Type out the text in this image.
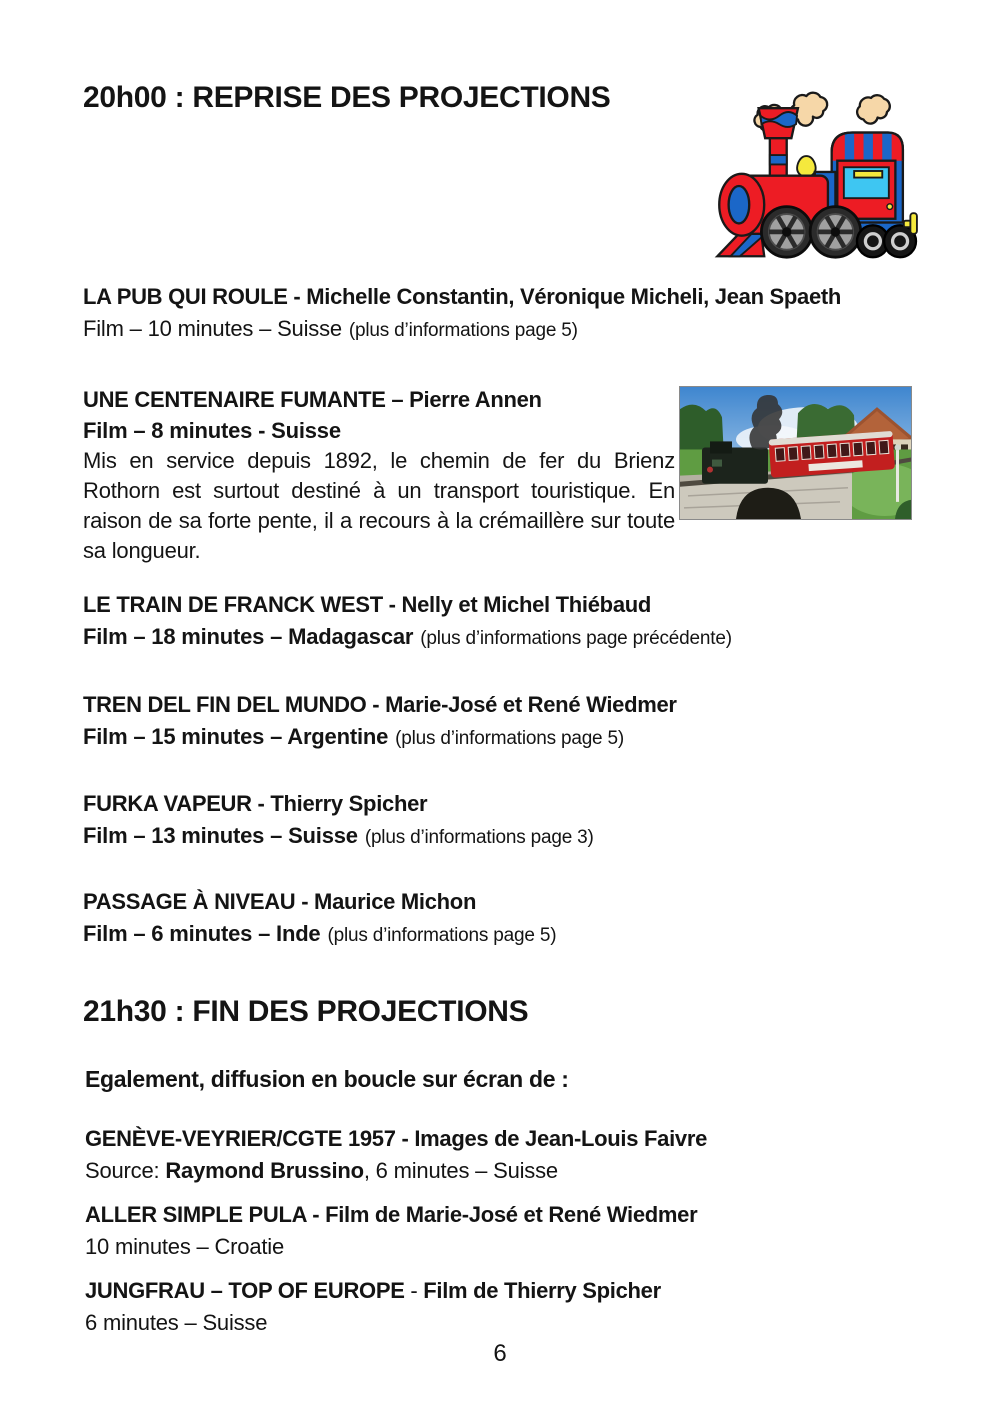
20h00 : REPRISE DES PROJECTIONS
LA PUB QUI ROULE - Michelle Constantin, Véronique Micheli, Jean Spaeth
Film – 10 minutes – Suisse (plus d’informations page 5)
UNE CENTENAIRE FUMANTE – Pierre Annen
Film – 8 minutes - Suisse
Mis en service depuis 1892, le chemin de fer du Brienz Rothorn est surtout destiné à un transport touristique. En raison de sa forte pente, il a recours à la crémaillère sur toute sa longueur.
LE TRAIN DE FRANCK WEST - Nelly et Michel Thiébaud
Film – 18 minutes – Madagascar (plus d’informations page précédente)
TREN DEL FIN DEL MUNDO - Marie-José et René Wiedmer
Film – 15 minutes – Argentine (plus d’informations page 5)
FURKA VAPEUR - Thierry Spicher
Film – 13 minutes – Suisse (plus d’informations page 3)
PASSAGE À NIVEAU - Maurice Michon
Film – 6 minutes – Inde (plus d’informations page 5)
21h30 : FIN DES PROJECTIONS
Egalement, diffusion en boucle sur écran de :
GENÈVE-VEYRIER/CGTE 1957 - Images de Jean-Louis Faivre
Source: Raymond Brussino, 6 minutes – Suisse
ALLER SIMPLE PULA - Film de Marie-José et René Wiedmer
10 minutes – Croatie
JUNGFRAU – TOP OF EUROPE - Film de Thierry Spicher
6 minutes – Suisse
6
